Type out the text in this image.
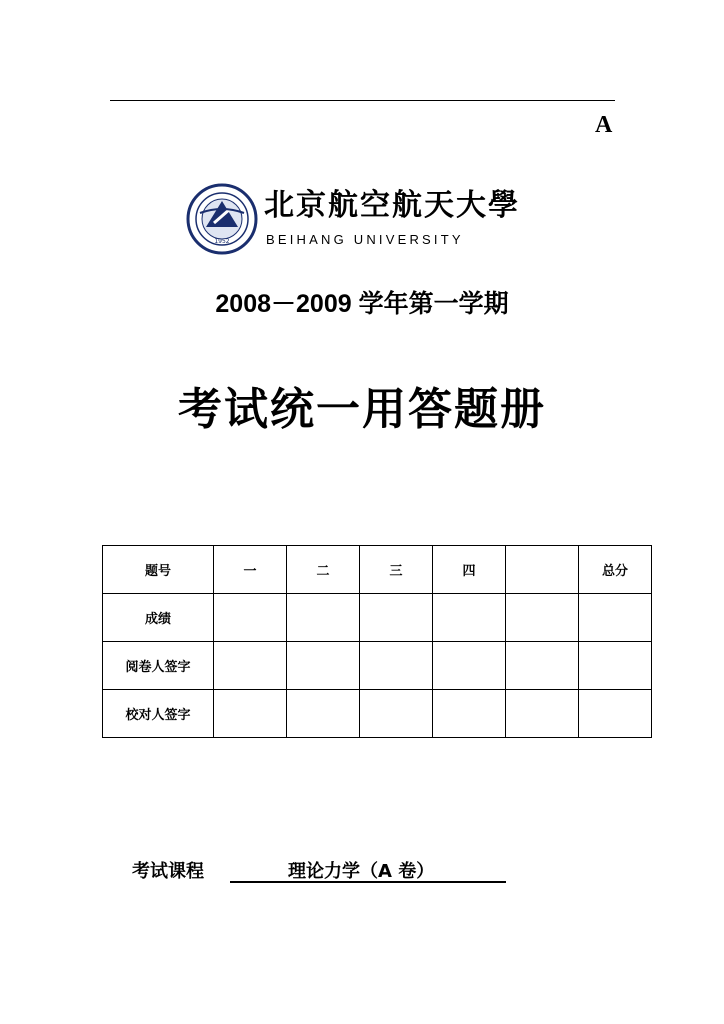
A
1952
北京航空航天大學
BEIHANG UNIVERSITY
2008－2009 学年第一学期
考试统一用答题册
题号	一	二	三	四		总分
成绩						
阅卷人签字						
校对人签字						
考试课程	理论力学（A 卷）
